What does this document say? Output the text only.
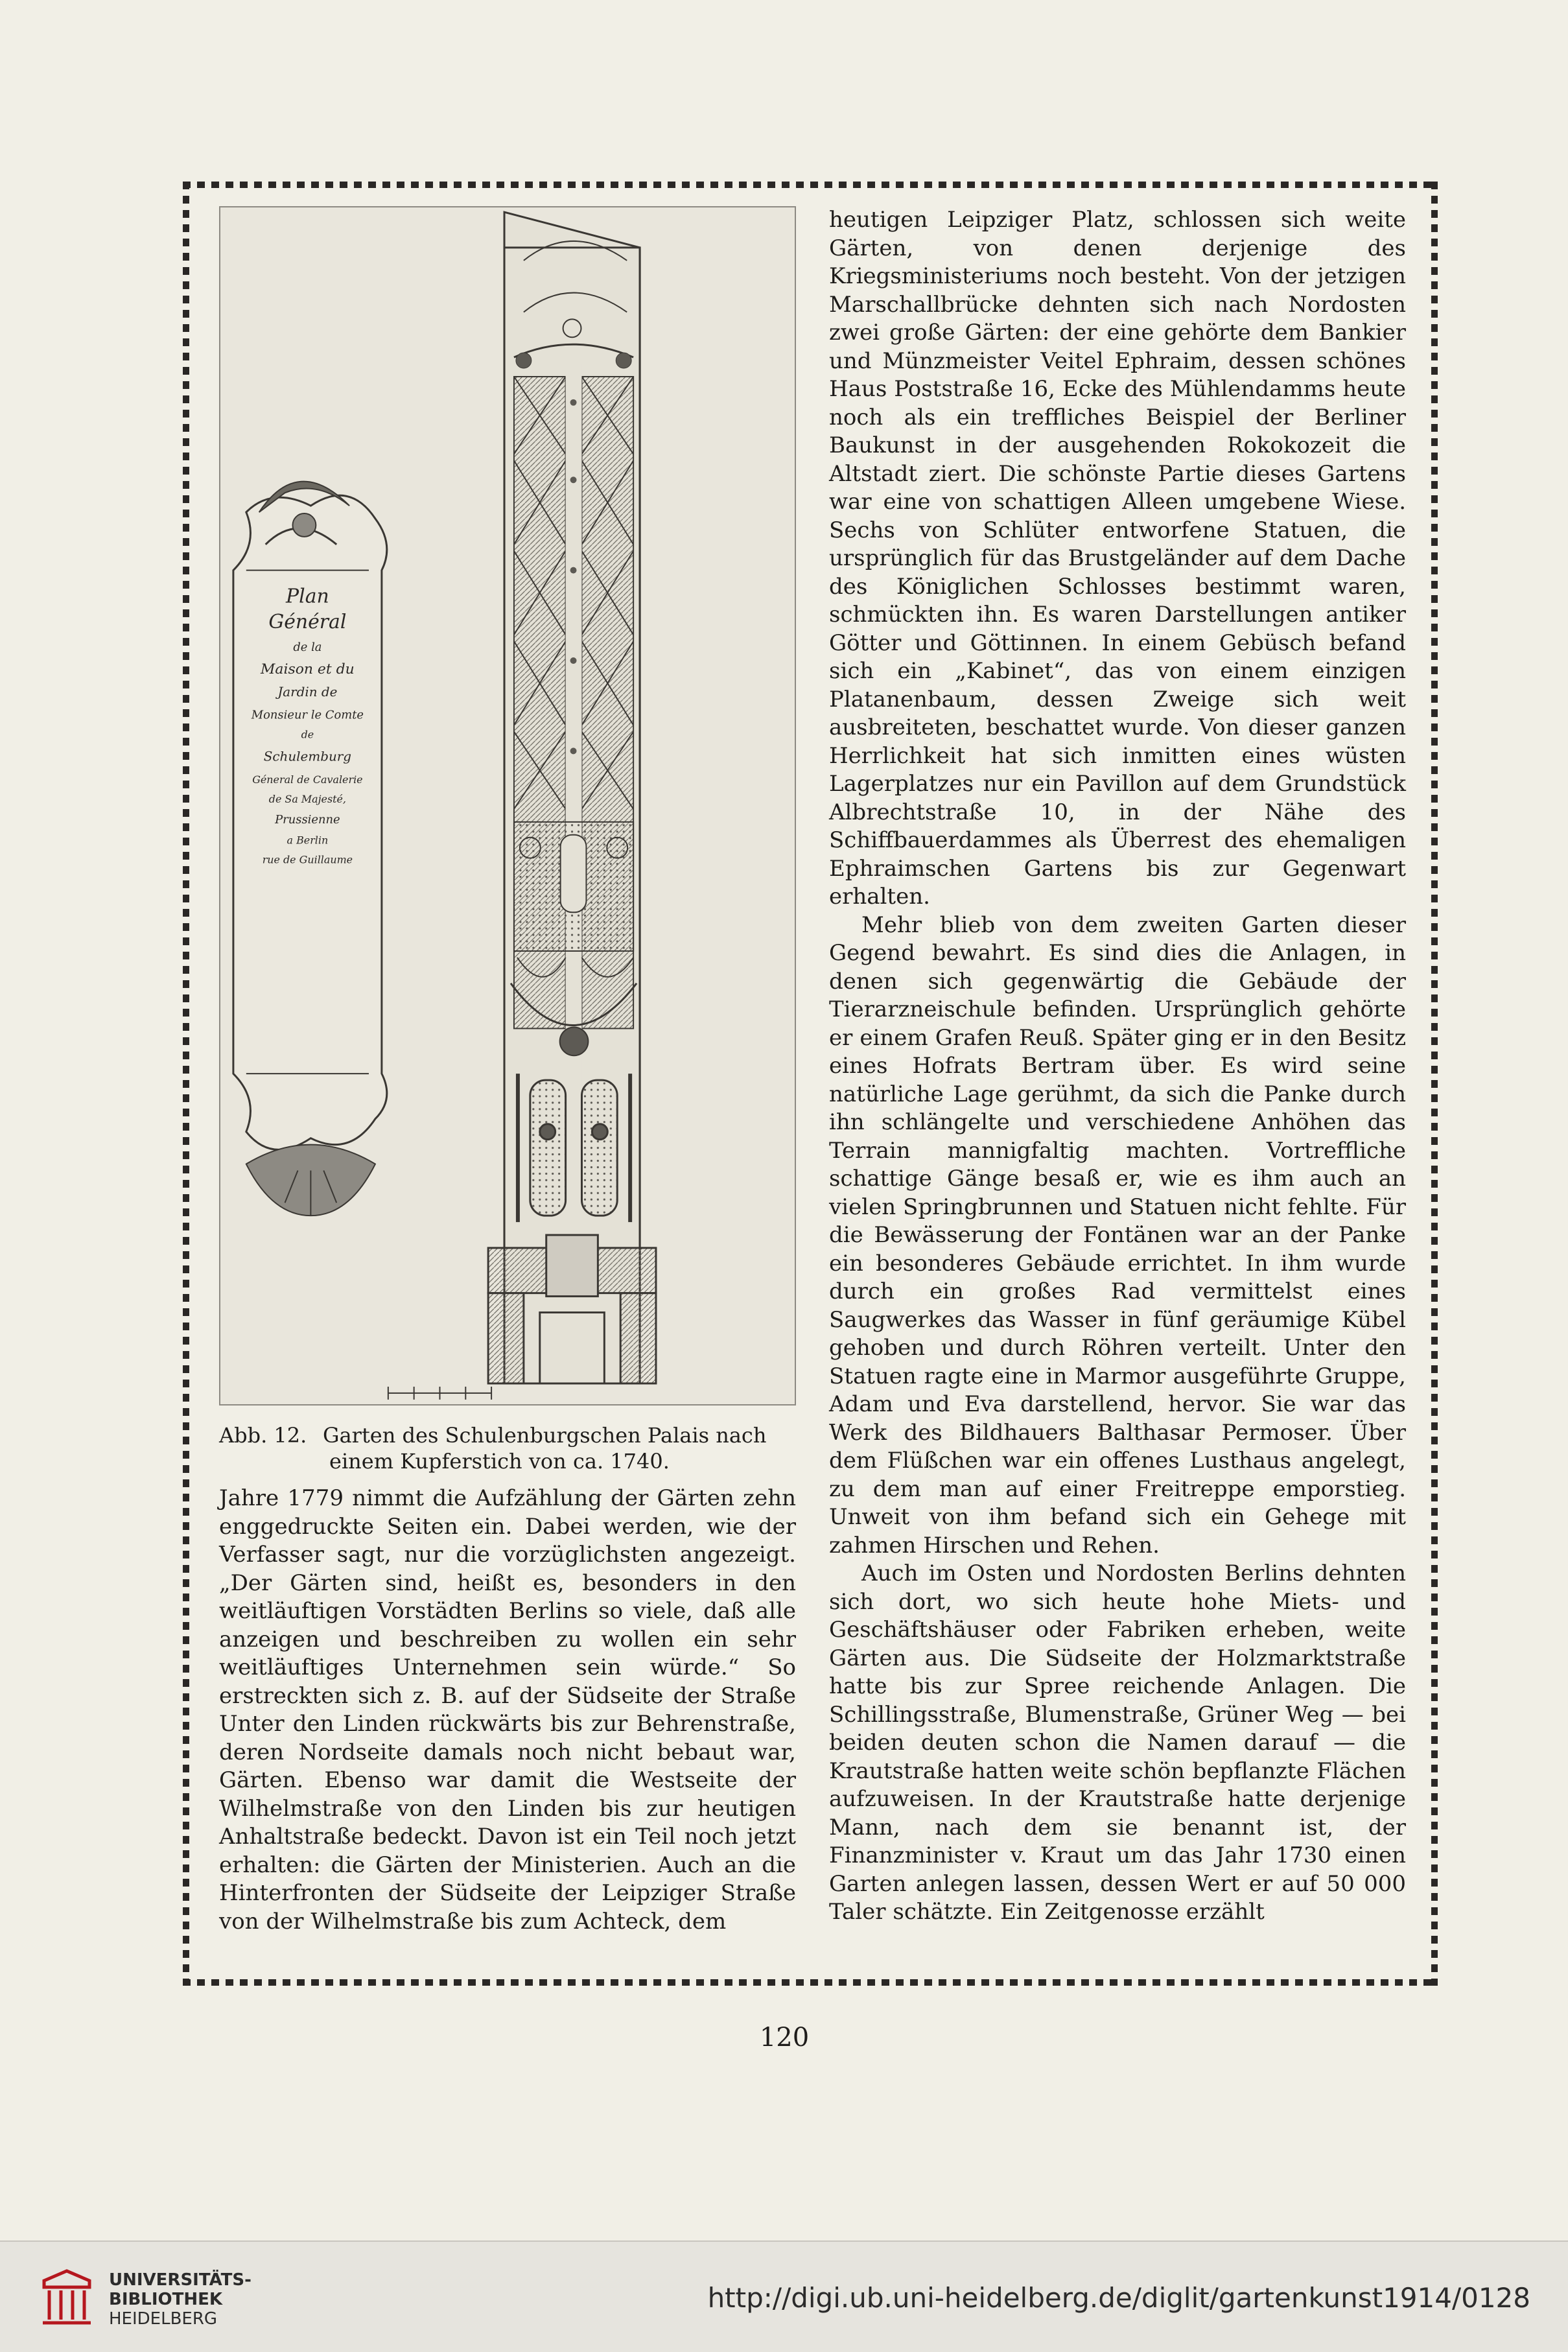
Plan
Général
de la
Maison et du
Jardin de
Monsieur le Comte
de
Schulemburg
Géneral de Cavalerie
de Sa Majesté,
Prussienne
a Berlin
rue de Guillaume
Abb. 12. Garten des Schulenburgschen Palais nach
einem Kupferstich von ca. 1740.

Jahre 1779 nimmt die Aufzählung der Gärten zehn enggedruckte Seiten ein. Dabei werden, wie der Verfasser sagt, nur die vorzüglichsten angezeigt. „Der Gärten sind, heißt es, besonders in den weitläuftigen Vorstädten Berlins so viele, daß alle anzeigen und beschreiben zu wollen ein sehr weitläuftiges Unternehmen sein würde.“ So erstreckten sich z. B. auf der Südseite der Straße Unter den Linden rückwärts bis zur Behrenstraße, deren Nordseite damals noch nicht bebaut war, Gärten. Ebenso war damit die Westseite der Wilhelmstraße von den Linden bis zur heutigen Anhaltstraße bedeckt. Davon ist ein Teil noch jetzt erhalten: die Gärten der Ministerien. Auch an die Hinterfronten der Südseite der Leipziger Straße von der Wilhelmstraße bis zum Achteck, dem

heutigen Leipziger Platz, schlossen sich weite Gärten, von denen derjenige des Kriegsministeriums noch besteht. Von der jetzigen Marschallbrücke dehnten sich nach Nordosten zwei große Gärten: der eine gehörte dem Bankier und Münzmeister Veitel Ephraim, dessen schönes Haus Poststraße 16, Ecke des Mühlendamms heute noch als ein treffliches Beispiel der Berliner Baukunst in der ausgehenden Rokokozeit die Altstadt ziert. Die schönste Partie dieses Gartens war eine von schattigen Alleen umgebene Wiese. Sechs von Schlüter entworfene Statuen, die ursprünglich für das Brustgeländer auf dem Dache des Königlichen Schlosses bestimmt waren, schmückten ihn. Es waren Darstellungen antiker Götter und Göttinnen. In einem Gebüsch befand sich ein „Kabinet“, das von einem einzigen Platanenbaum, dessen Zweige sich weit ausbreiteten, beschattet wurde. Von dieser ganzen Herrlichkeit hat sich inmitten eines wüsten Lagerplatzes nur ein Pavillon auf dem Grundstück Albrechtstraße 10, in der Nähe des Schiffbauerdammes als Überrest des ehemaligen Ephraimschen Gartens bis zur Gegenwart erhalten.

Mehr blieb von dem zweiten Garten dieser Gegend bewahrt. Es sind dies die Anlagen, in denen sich gegenwärtig die Gebäude der Tierarzneischule befinden. Ursprünglich gehörte er einem Grafen Reuß. Später ging er in den Besitz eines Hofrats Bertram über. Es wird seine natürliche Lage gerühmt, da sich die Panke durch ihn schlängelte und verschiedene Anhöhen das Terrain mannigfaltig machten. Vortreffliche schattige Gänge besaß er, wie es ihm auch an vielen Springbrunnen und Statuen nicht fehlte. Für die Bewässerung der Fontänen war an der Panke ein besonderes Gebäude errichtet. In ihm wurde durch ein großes Rad vermittelst eines Saugwerkes das Wasser in fünf geräumige Kübel gehoben und durch Röhren verteilt. Unter den Statuen ragte eine in Marmor ausgeführte Gruppe, Adam und Eva darstellend, hervor. Sie war das Werk des Bildhauers Balthasar Permoser. Über dem Flüßchen war ein offenes Lusthaus angelegt, zu dem man auf einer Freitreppe emporstieg. Unweit von ihm befand sich ein Gehege mit zahmen Hirschen und Rehen.

Auch im Osten und Nordosten Berlins dehnten sich dort, wo sich heute hohe Miets- und Geschäftshäuser oder Fabriken erheben, weite Gärten aus. Die Südseite der Holzmarktstraße hatte bis zur Spree reichende Anlagen. Die Schillingsstraße, Blumenstraße, Grüner Weg — bei beiden deuten schon die Namen darauf — die Krautstraße hatten weite schön bepflanzte Flächen aufzuweisen. In der Krautstraße hatte derjenige Mann, nach dem sie benannt ist, der Finanzminister v. Kraut um das Jahr 1730 einen Garten anlegen lassen, dessen Wert er auf 50 000 Taler schätzte. Ein Zeitgenosse erzählt

120
UNIVERSITÄTS-
BIBLIOTHEK
HEIDELBERG
http://digi.ub.uni-heidelberg.de/diglit/gartenkunst1914/0128
